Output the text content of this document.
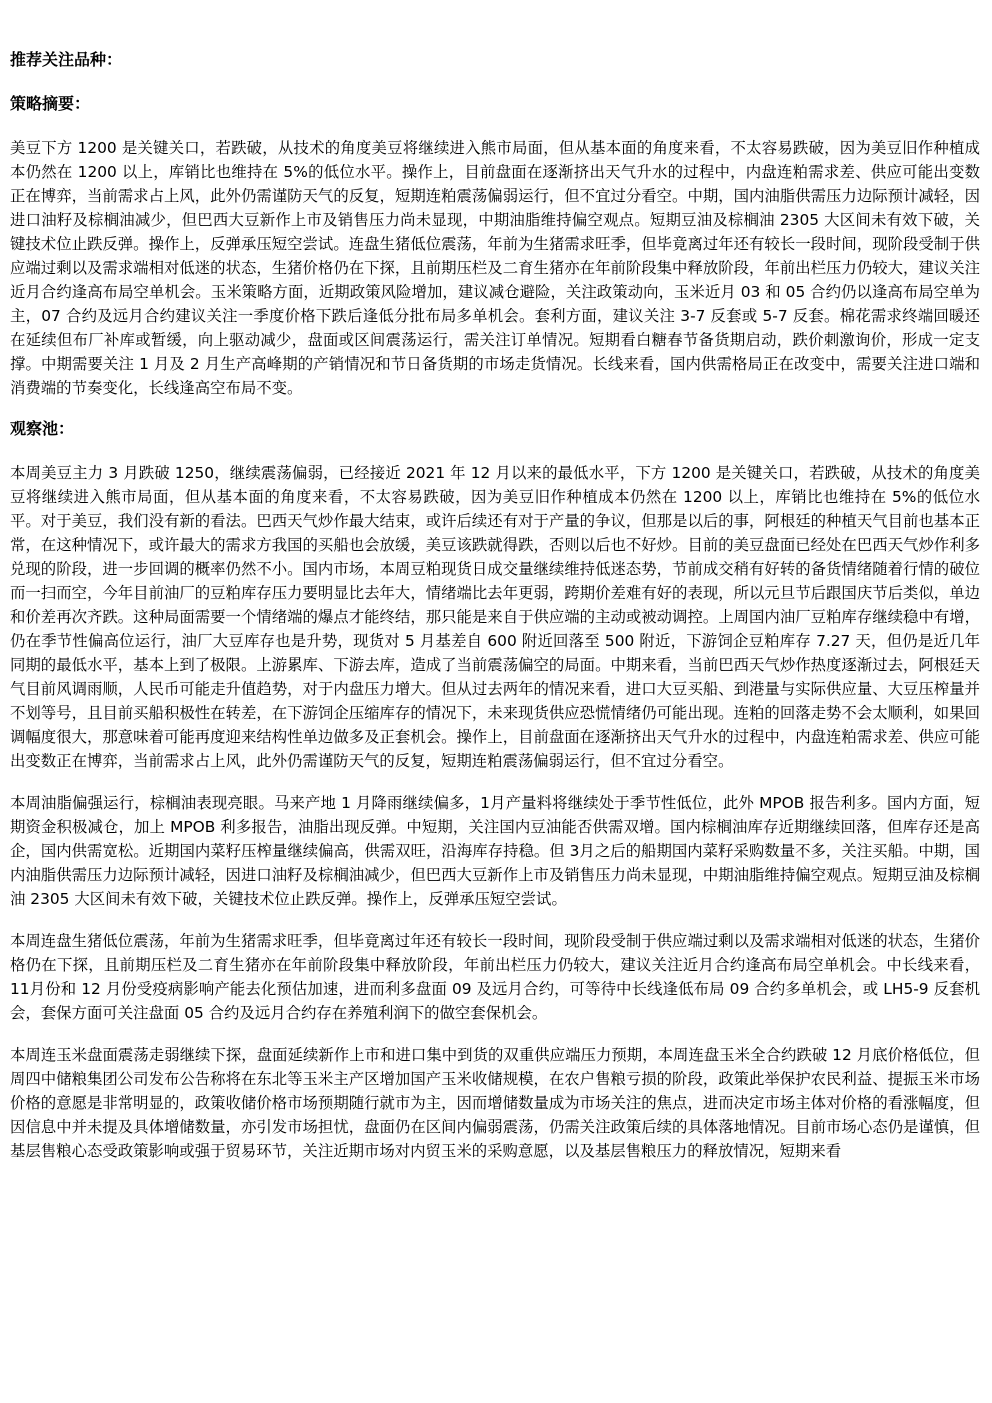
推荐关注品种：

策略摘要：

美豆下方 1200 是关键关口，若跌破，从技术的角度美豆将继续进入熊市局面，但从基本面的角度来看，不太容易跌破，因为美豆旧作种植成本仍然在 1200 以上，库销比也维持在 5%的低位水平。操作上，目前盘面在逐渐挤出天气升水的过程中，内盘连粕需求差、供应可能出变数正在博弈，当前需求占上风，此外仍需谨防天气的反复，短期连粕震荡偏弱运行，但不宜过分看空。中期，国内油脂供需压力边际预计减轻，因进口油籽及棕榈油减少，但巴西大豆新作上市及销售压力尚未显现，中期油脂维持偏空观点。短期豆油及棕榈油 2305 大区间未有效下破，关键技术位止跌反弹。操作上，反弹承压短空尝试。连盘生猪低位震荡，年前为生猪需求旺季，但毕竟离过年还有较长一段时间，现阶段受制于供应端过剩以及需求端相对低迷的状态，生猪价格仍在下探，且前期压栏及二育生猪亦在年前阶段集中释放阶段，年前出栏压力仍较大，建议关注近月合约逢高布局空单机会。玉米策略方面，近期政策风险增加，建议减仓避险，关注政策动向，玉米近月 03 和 05 合约仍以逢高布局空单为主，07 合约及远月合约建议关注一季度价格下跌后逢低分批布局多单机会。套利方面，建议关注 3-7 反套或 5-7 反套。棉花需求终端回暖还在延续但布厂补库或暂缓，向上驱动减少，盘面或区间震荡运行，需关注订单情况。短期看白糖春节备货期启动，跌价刺激询价，形成一定支撑。中期需要关注 1 月及 2 月生产高峰期的产销情况和节日备货期的市场走货情况。长线来看，国内供需格局正在改变中，需要关注进口端和消费端的节奏变化，长线逢高空布局不变。

观察池：

本周美豆主力 3 月跌破 1250，继续震荡偏弱，已经接近 2021 年 12 月以来的最低水平，下方 1200 是关键关口，若跌破，从技术的角度美豆将继续进入熊市局面，但从基本面的角度来看，不太容易跌破，因为美豆旧作种植成本仍然在 1200 以上，库销比也维持在 5%的低位水平。对于美豆，我们没有新的看法。巴西天气炒作最大结束，或许后续还有对于产量的争议，但那是以后的事，阿根廷的种植天气目前也基本正常，在这种情况下，或许最大的需求方我国的买船也会放缓，美豆该跌就得跌，否则以后也不好炒。目前的美豆盘面已经处在巴西天气炒作利多兑现的阶段，进一步回调的概率仍然不小。国内市场，本周豆粕现货日成交量继续维持低迷态势，节前成交稍有好转的备货情绪随着行情的破位而一扫而空，今年目前油厂的豆粕库存压力要明显比去年大，情绪端比去年更弱，跨期价差难有好的表现，所以元旦节后跟国庆节后类似，单边和价差再次齐跌。这种局面需要一个情绪端的爆点才能终结，那只能是来自于供应端的主动或被动调控。上周国内油厂豆粕库存继续稳中有增，仍在季节性偏高位运行，油厂大豆库存也是升势，现货对 5 月基差自 600 附近回落至 500 附近，下游饲企豆粕库存 7.27 天，但仍是近几年同期的最低水平，基本上到了极限。上游累库、下游去库，造成了当前震荡偏空的局面。中期来看，当前巴西天气炒作热度逐渐过去，阿根廷天气目前风调雨顺，人民币可能走升值趋势，对于内盘压力增大。但从过去两年的情况来看，进口大豆买船、到港量与实际供应量、大豆压榨量并不划等号，且目前买船积极性在转差，在下游饲企压缩库存的情况下，未来现货供应恐慌情绪仍可能出现。连粕的回落走势不会太顺利，如果回调幅度很大，那意味着可能再度迎来结构性单边做多及正套机会。操作上，目前盘面在逐渐挤出天气升水的过程中，内盘连粕需求差、供应可能出变数正在博弈，当前需求占上风，此外仍需谨防天气的反复，短期连粕震荡偏弱运行，但不宜过分看空。

本周油脂偏强运行，棕榈油表现亮眼。马来产地 1 月降雨继续偏多，1月产量料将继续处于季节性低位，此外 MPOB 报告利多。国内方面，短期资金积极减仓，加上 MPOB 利多报告，油脂出现反弹。中短期，关注国内豆油能否供需双增。国内棕榈油库存近期继续回落，但库存还是高企，国内供需宽松。近期国内菜籽压榨量继续偏高，供需双旺，沿海库存持稳。但 3月之后的船期国内菜籽采购数量不多，关注买船。中期，国内油脂供需压力边际预计减轻，因进口油籽及棕榈油减少，但巴西大豆新作上市及销售压力尚未显现，中期油脂维持偏空观点。短期豆油及棕榈油 2305 大区间未有效下破，关键技术位止跌反弹。操作上，反弹承压短空尝试。

本周连盘生猪低位震荡，年前为生猪需求旺季，但毕竟离过年还有较长一段时间，现阶段受制于供应端过剩以及需求端相对低迷的状态，生猪价格仍在下探，且前期压栏及二育生猪亦在年前阶段集中释放阶段，年前出栏压力仍较大，建议关注近月合约逢高布局空单机会。中长线来看，11月份和 12 月份受疫病影响产能去化预估加速，进而利多盘面 09 及远月合约，可等待中长线逢低布局 09 合约多单机会，或 LH5-9 反套机会，套保方面可关注盘面 05 合约及远月合约存在养殖利润下的做空套保机会。

本周连玉米盘面震荡走弱继续下探，盘面延续新作上市和进口集中到货的双重供应端压力预期，本周连盘玉米全合约跌破 12 月底价格低位，但周四中储粮集团公司发布公告称将在东北等玉米主产区增加国产玉米收储规模，在农户售粮亏损的阶段，政策此举保护农民利益、提振玉米市场价格的意愿是非常明显的，政策收储价格市场预期随行就市为主，因而增储数量成为市场关注的焦点，进而决定市场主体对价格的看涨幅度，但因信息中并未提及具体增储数量，亦引发市场担忧，盘面仍在区间内偏弱震荡，仍需关注政策后续的具体落地情况。目前市场心态仍是谨慎，但基层售粮心态受政策影响或强于贸易环节，关注近期市场对内贸玉米的采购意愿，以及基层售粮压力的释放情况，短期来看
